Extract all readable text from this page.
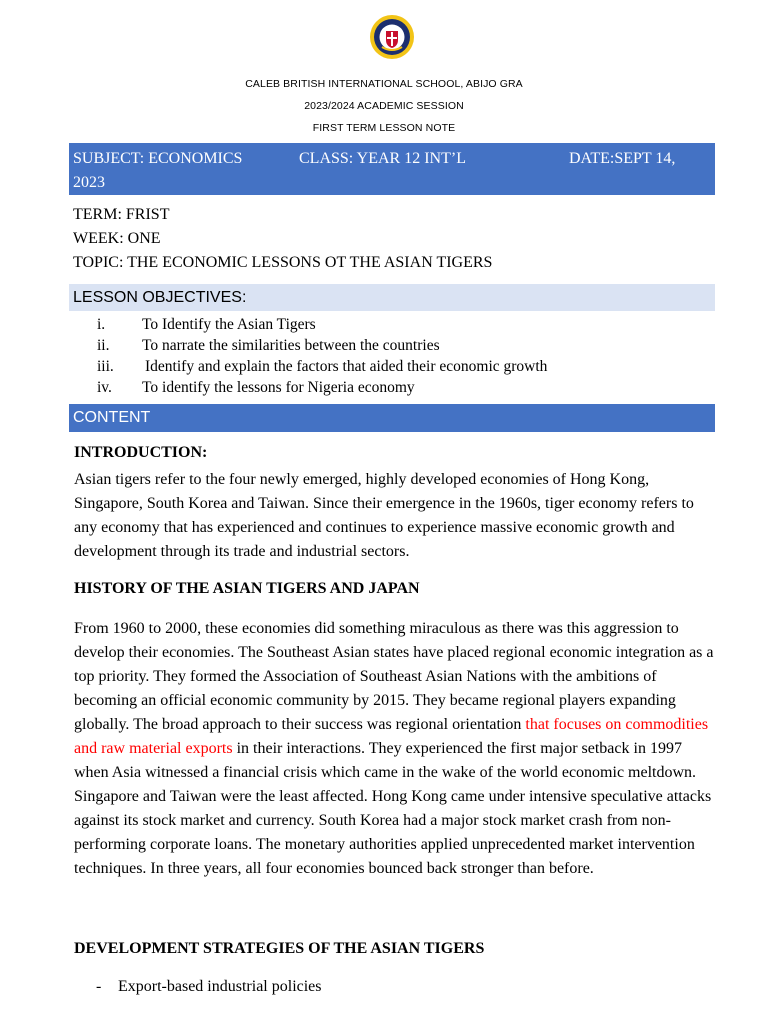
CALEB BRITISH INTERNATIONAL SCHOOL, ABIJO GRA
2023/2024 ACADEMIC SESSION
FIRST TERM LESSON NOTE
SUBJECT: ECONOMICS	CLASS: YEAR 12 INT’L	DATE:SEPT 14,
2023
TERM: FRIST
WEEK: ONE
TOPIC: THE ECONOMIC LESSONS OT THE ASIAN TIGERS
LESSON OBJECTIVES:
i. To Identify the Asian Tigers
ii. To narrate the similarities between the countries
iii. Identify and explain the factors that aided their economic growth
iv. To identify the lessons for Nigeria economy
CONTENT
INTRODUCTION:
Asian tigers refer to the four newly emerged, highly developed economies of Hong Kong, Singapore, South Korea and Taiwan. Since their emergence in the 1960s, tiger economy refers to any economy that has experienced and continues to experience massive economic growth and development through its trade and industrial sectors.
HISTORY OF THE ASIAN TIGERS AND JAPAN
From 1960 to 2000, these economies did something miraculous as there was this aggression to develop their economies. The Southeast Asian states have placed regional economic integration as a top priority. They formed the Association of Southeast Asian Nations with the ambitions of becoming an official economic community by 2015. They became regional players expanding globally. The broad approach to their success was regional orientation that focuses on commodities and raw material exports in their interactions. They experienced the first major setback in 1997 when Asia witnessed a financial crisis which came in the wake of the world economic meltdown. Singapore and Taiwan were the least affected. Hong Kong came under intensive speculative attacks against its stock market and currency. South Korea had a major stock market crash from non-performing corporate loans. The monetary authorities applied unprecedented market intervention techniques. In three years, all four economies bounced back stronger than before.
DEVELOPMENT STRATEGIES OF THE ASIAN TIGERS
- Export-based industrial policies
